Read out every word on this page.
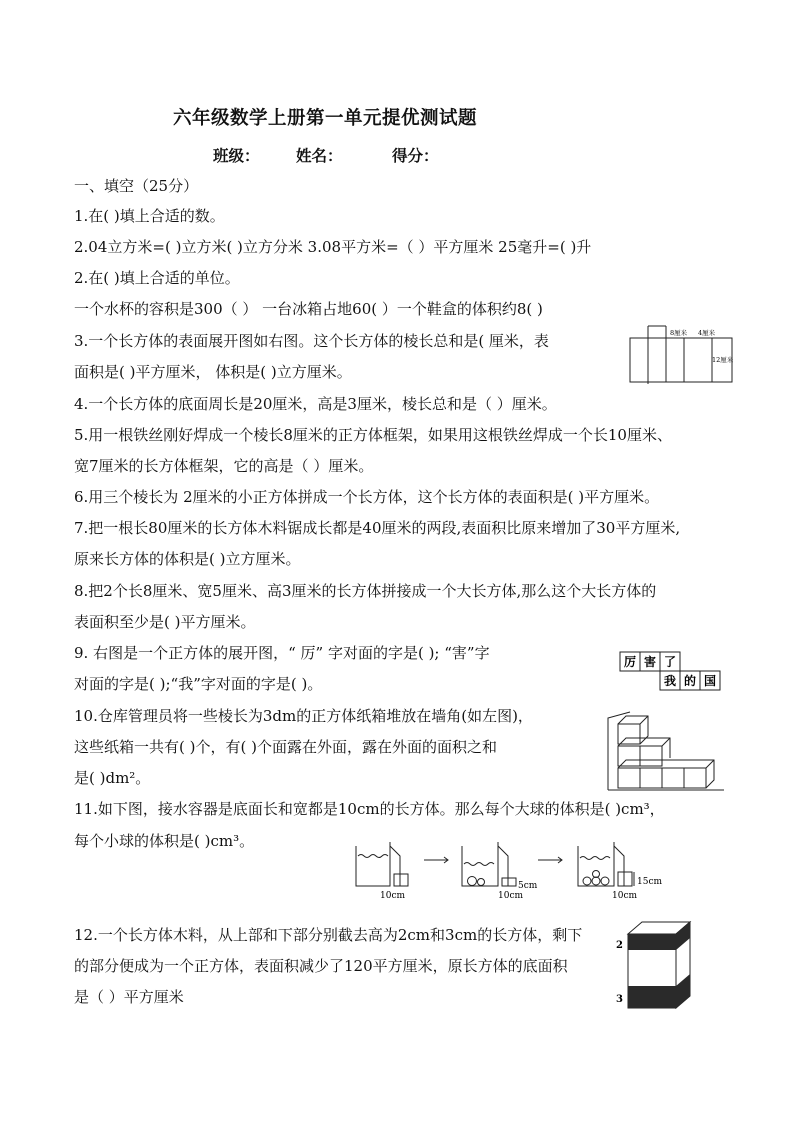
六年级数学上册第一单元提优测试题
班级： 姓名：	得分：
一、填空（25分）
1.在( )填上合适的数。
2.04立方米=( )立方米( )立方分米 3.08平方米=（ ）平方厘米 25毫升=( )升
2.在( )填上合适的单位。
一个水杯的容积是300（ ） 一台冰箱占地60( ）一个鞋盒的体积约8( )
3.一个长方体的表面展开图如右图。这个长方体的棱长总和是( 厘米，表
面积是( )平方厘米， 体积是( )立方厘米。
4.一个长方体的底面周长是20厘米，高是3厘米，棱长总和是（ ）厘米。
5.用一根铁丝刚好焊成一个棱长8厘米的正方体框架，如果用这根铁丝焊成一个长10厘米、
宽7厘米的长方体框架，它的高是（ ）厘米。
6.用三个棱长为 2厘米的小正方体拼成一个长方体，这个长方体的表面积是( )平方厘米。
7.把一根长80厘米的长方体木料锯成长都是40厘米的两段,表面积比原来增加了30平方厘米,
原来长方体的体积是( )立方厘米。
8.把2个长8厘米、宽5厘米、高3厘米的长方体拼接成一个大长方体,那么这个大长方体的
表面积至少是( )平方厘米。
9. 右图是一个正方体的展开图，“ 厉” 字对面的字是( ); “害”字
对面的字是( );“我”字对面的字是( )。
10.仓库管理员将一些棱长为3dm的正方体纸箱堆放在墙角(如左图)，
这些纸箱一共有( )个，有( )个面露在外面，露在外面的面积之和
是( )dm²。
11.如下图，接水容器是底面长和宽都是10cm的长方体。那么每个大球的体积是( )cm³，
每个小球的体积是( )cm³。
12.一个长方体木料，从上部和下部分别截去高为2cm和3cm的长方体，剩下
的部分便成为一个正方体，表面积减少了120平方厘米，原长方体的底面积
是（ ）平方厘米
8厘米 4厘米
12厘米
厉 害 了
我 的 国
10cm	10cm
5cm
10cm
15cm
2
3
